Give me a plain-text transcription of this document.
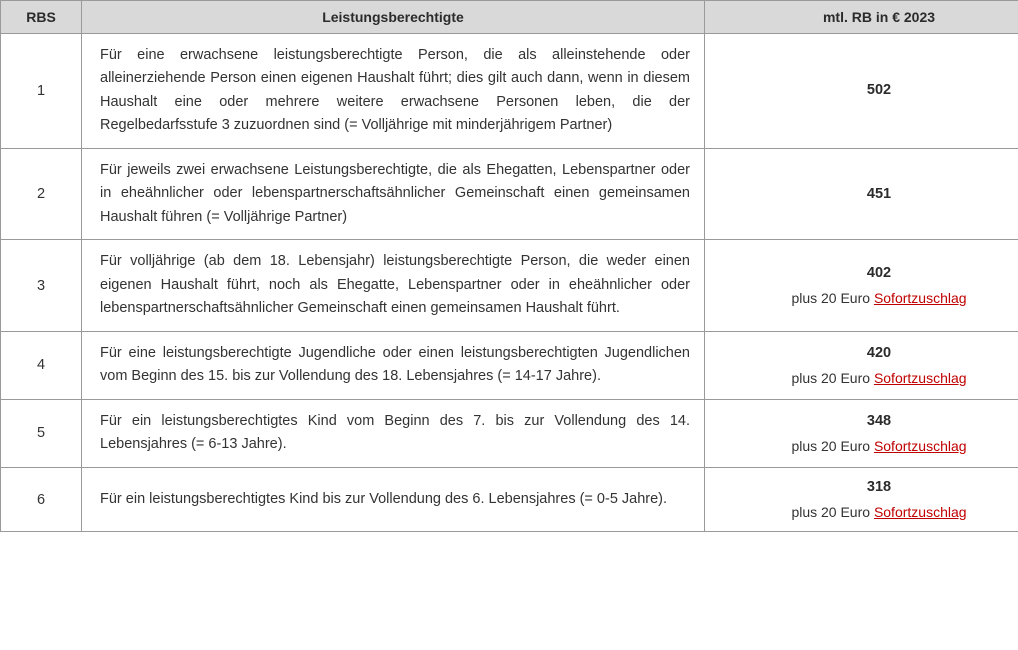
RBS	Leistungsberechtigte	mtl. RB in € 2023
1	Für eine erwachsene leistungsberechtigte Person, die als alleinstehende oder alleinerziehende Person einen eigenen Haushalt führt; dies gilt auch dann, wenn in diesem Haushalt eine oder mehrere weitere erwachsene Personen leben, die der Regelbedarfsstufe 3 zuzuordnen sind (= Volljährige mit minderjährigem Partner)	502

2	Für jeweils zwei erwachsene Leistungsberechtigte, die als Ehegatten, Lebenspartner oder in eheähnlicher oder lebenspartnerschaftsähnlicher Gemeinschaft einen gemeinsamen Haushalt führen (= Volljährige Partner)	451

3	Für volljährige (ab dem 18. Lebensjahr) leistungsberechtigte Person, die weder einen eigenen Haushalt führt, noch als Ehegatte, Lebenspartner oder in eheähnlicher oder lebenspartnerschaftsähnlicher Gemeinschaft einen gemeinsamen Haushalt führt.	402
plus 20 Euro Sofortzuschlag

4	Für eine leistungsberechtigte Jugendliche oder einen leistungsberechtigten Jugendlichen vom Beginn des 15. bis zur Vollendung des 18. Lebensjahres (= 14-17 Jahre).	420
plus 20 Euro Sofortzuschlag

5	Für ein leistungsberechtigtes Kind vom Beginn des 7. bis zur Vollendung des 14. Lebensjahres (= 6-13 Jahre).	348
plus 20 Euro Sofortzuschlag

6	Für ein leistungsberechtigtes Kind bis zur Vollendung des 6. Lebensjahres (= 0-5 Jahre).	318
plus 20 Euro Sofortzuschlag
